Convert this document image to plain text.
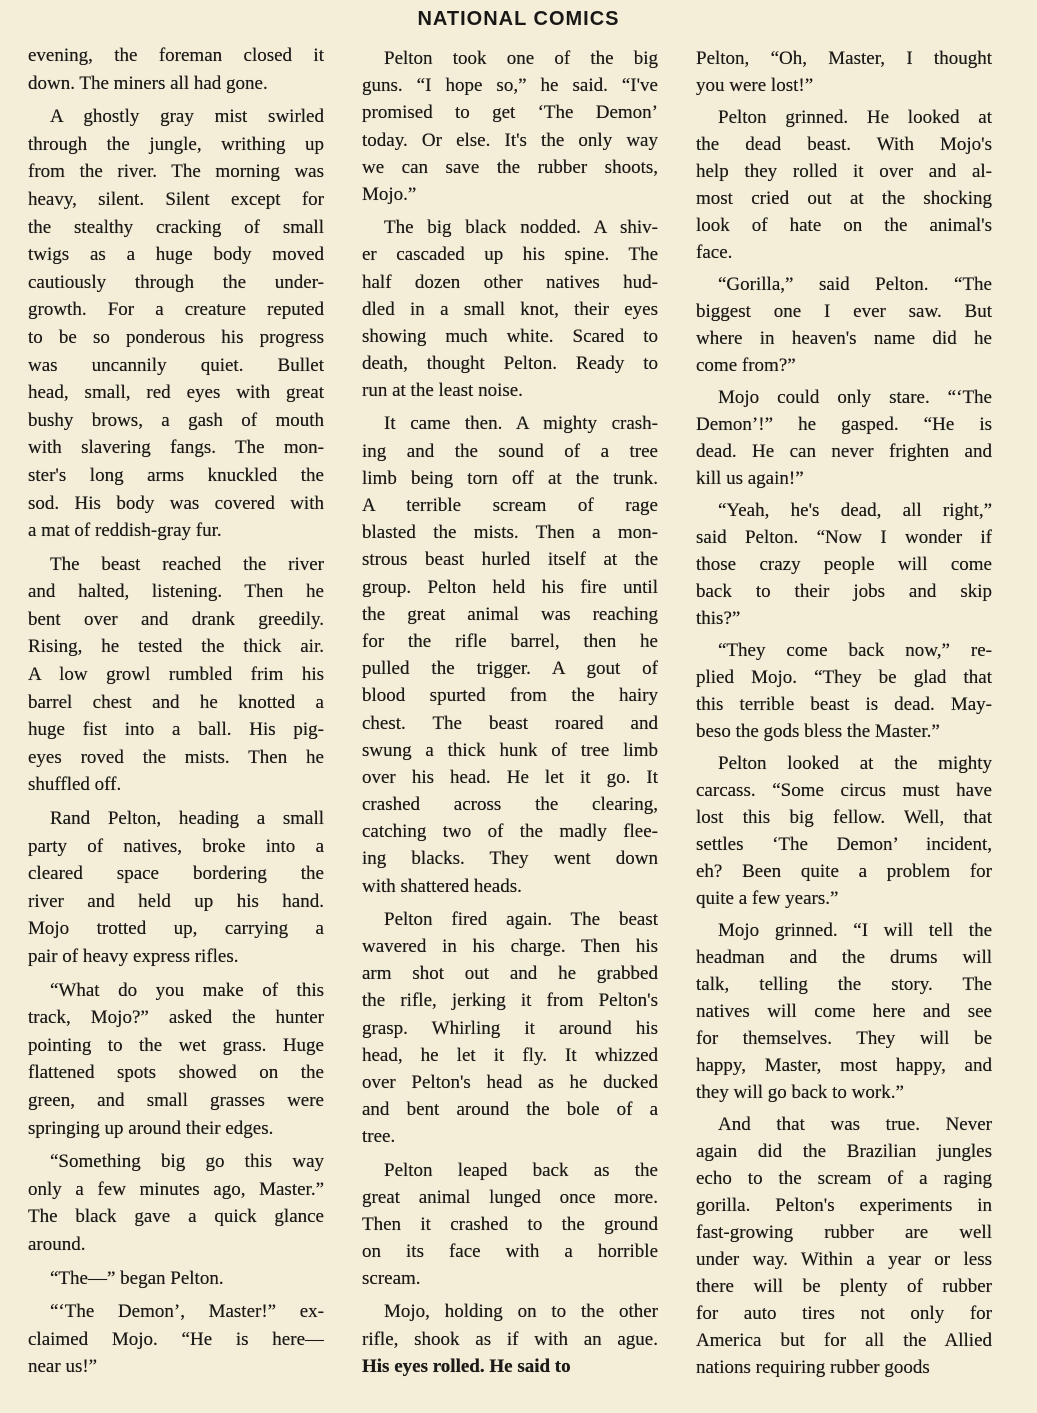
NATIONAL COMICS
evening, the foreman closed it
down. The miners all had gone.
A ghostly gray mist swirled
through the jungle, writhing up
from the river. The morning was
heavy, silent. Silent except for
the stealthy cracking of small
twigs as a huge body moved
cautiously through the under-
growth. For a creature reputed
to be so ponderous his progress
was uncannily quiet. Bullet
head, small, red eyes with great
bushy brows, a gash of mouth
with slavering fangs. The mon-
ster's long arms knuckled the
sod. His body was covered with
a mat of reddish-gray fur.
The beast reached the river
and halted, listening. Then he
bent over and drank greedily.
Rising, he tested the thick air.
A low growl rumbled frim his
barrel chest and he knotted a
huge fist into a ball. His pig-
eyes roved the mists. Then he
shuffled off.
Rand Pelton, heading a small
party of natives, broke into a
cleared space bordering the
river and held up his hand.
Mojo trotted up, carrying a
pair of heavy express rifles.
“What do you make of this
track, Mojo?” asked the hunter
pointing to the wet grass. Huge
flattened spots showed on the
green, and small grasses were
springing up around their edges.
“Something big go this way
only a few minutes ago, Master.”
The black gave a quick glance
around.
“The—” began Pelton.
“‘The Demon’, Master!” ex-
claimed Mojo. “He is here—
near us!”
Pelton took one of the big
guns. “I hope so,” he said. “I've
promised to get ‘The Demon’
today. Or else. It's the only way
we can save the rubber shoots,
Mojo.”
The big black nodded. A shiv-
er cascaded up his spine. The
half dozen other natives hud-
dled in a small knot, their eyes
showing much white. Scared to
death, thought Pelton. Ready to
run at the least noise.
It came then. A mighty crash-
ing and the sound of a tree
limb being torn off at the trunk.
A terrible scream of rage
blasted the mists. Then a mon-
strous beast hurled itself at the
group. Pelton held his fire until
the great animal was reaching
for the rifle barrel, then he
pulled the trigger. A gout of
blood spurted from the hairy
chest. The beast roared and
swung a thick hunk of tree limb
over his head. He let it go. It
crashed across the clearing,
catching two of the madly flee-
ing blacks. They went down
with shattered heads.
Pelton fired again. The beast
wavered in his charge. Then his
arm shot out and he grabbed
the rifle, jerking it from Pelton's
grasp. Whirling it around his
head, he let it fly. It whizzed
over Pelton's head as he ducked
and bent around the bole of a
tree.
Pelton leaped back as the
great animal lunged once more.
Then it crashed to the ground
on its face with a horrible
scream.
Mojo, holding on to the other
rifle, shook as if with an ague.
His eyes rolled. He said to
Pelton, “Oh, Master, I thought
you were lost!”
Pelton grinned. He looked at
the dead beast. With Mojo's
help they rolled it over and al-
most cried out at the shocking
look of hate on the animal's
face.
“Gorilla,” said Pelton. “The
biggest one I ever saw. But
where in heaven's name did he
come from?”
Mojo could only stare. “‘The
Demon’!” he gasped. “He is
dead. He can never frighten and
kill us again!”
“Yeah, he's dead, all right,”
said Pelton. “Now I wonder if
those crazy people will come
back to their jobs and skip
this?”
“They come back now,” re-
plied Mojo. “They be glad that
this terrible beast is dead. May-
beso the gods bless the Master.”
Pelton looked at the mighty
carcass. “Some circus must have
lost this big fellow. Well, that
settles ‘The Demon’ incident,
eh? Been quite a problem for
quite a few years.”
Mojo grinned. “I will tell the
headman and the drums will
talk, telling the story. The
natives will come here and see
for themselves. They will be
happy, Master, most happy, and
they will go back to work.”
And that was true. Never
again did the Brazilian jungles
echo to the scream of a raging
gorilla. Pelton's experiments in
fast-growing rubber are well
under way. Within a year or less
there will be plenty of rubber
for auto tires not only for
America but for all the Allied
nations requiring rubber goods
